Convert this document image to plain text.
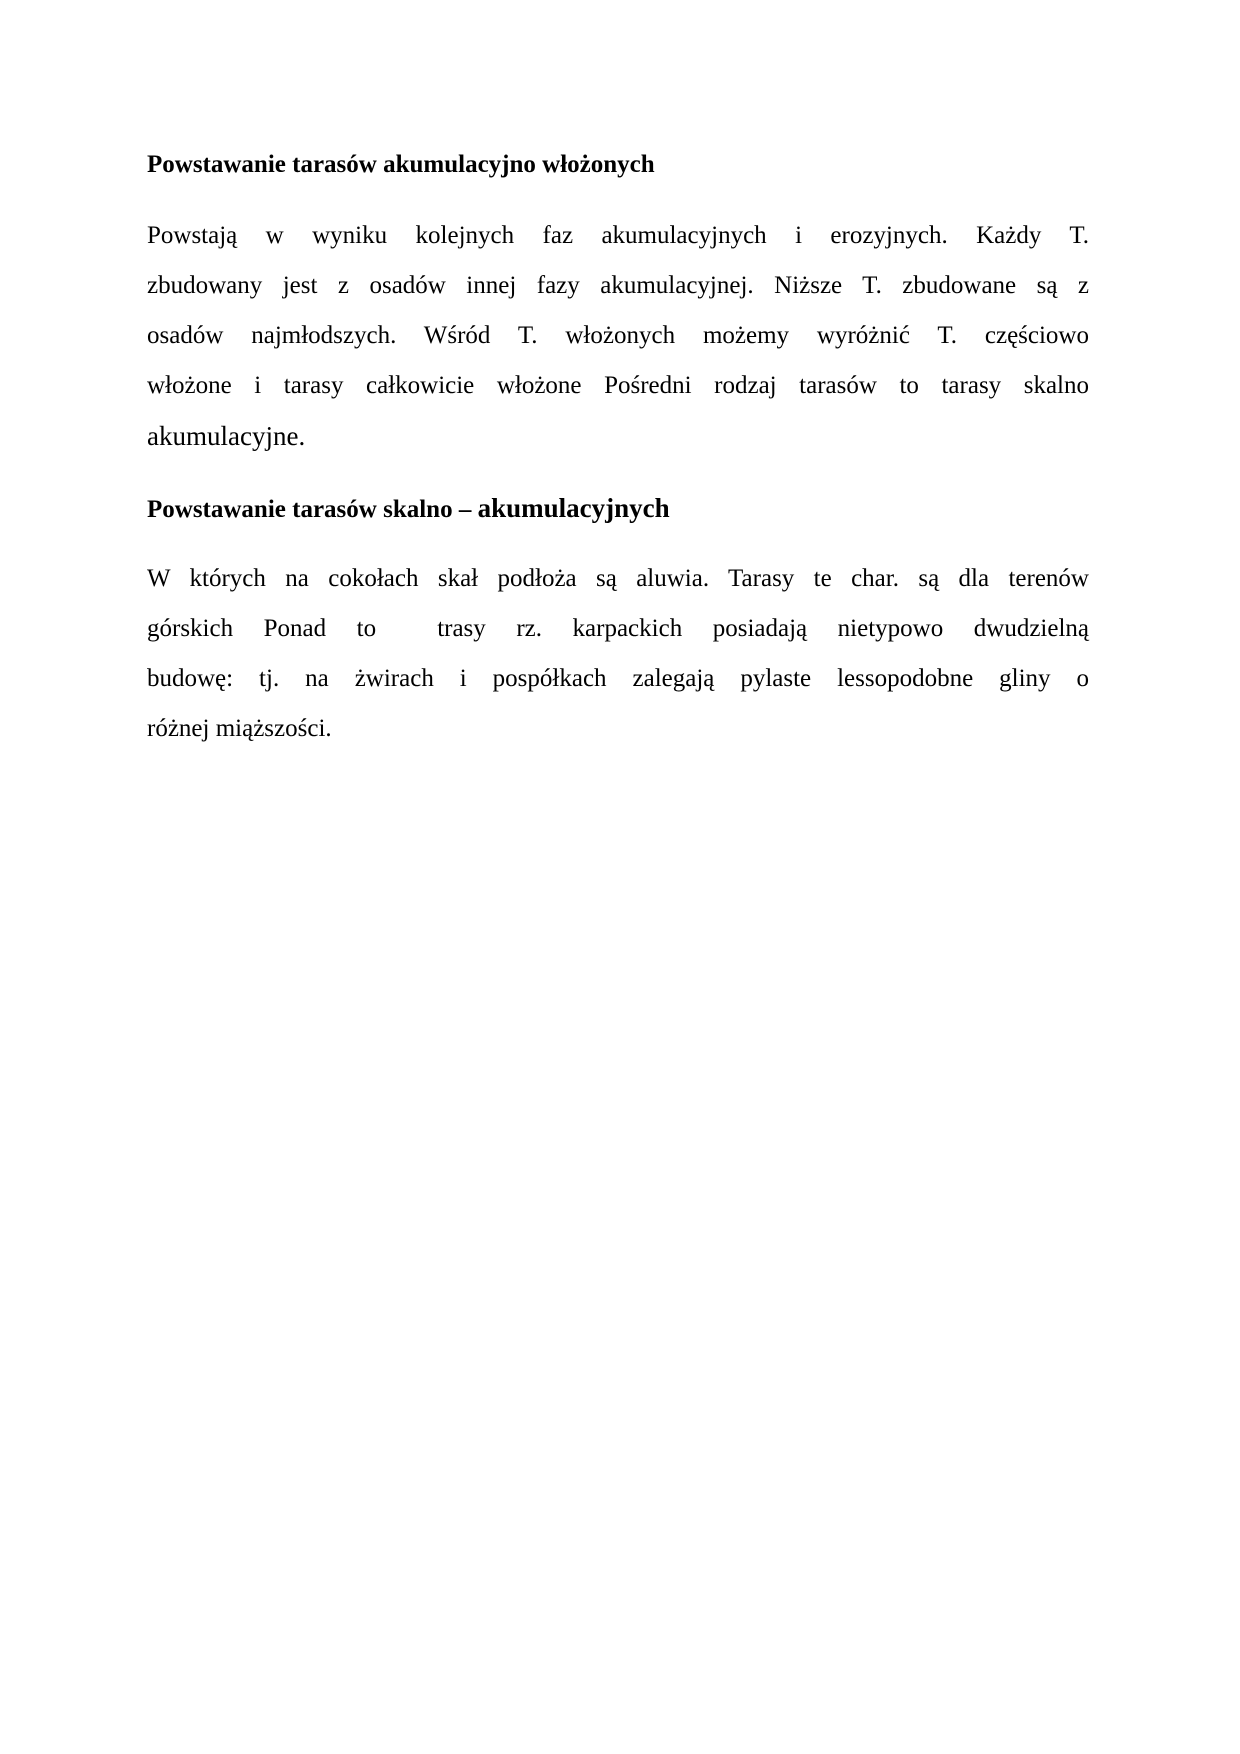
Powstawanie tarasów akumulacyjno włożonych
Powstają w wyniku kolejnych faz akumulacyjnych i erozyjnych. Każdy T.
zbudowany jest z osadów innej fazy akumulacyjnej. Niższe T. zbudowane są z
osadów najmłodszych. Wśród T. włożonych możemy wyróżnić T. częściowo
włożone i tarasy całkowicie włożone Pośredni rodzaj tarasów to tarasy skalno
akumulacyjne.
Powstawanie tarasów skalno – akumulacyjnych
W których na cokołach skał podłoża są aluwia. Tarasy te char. są dla terenów
górskich Ponad to  trasy rz. karpackich posiadają nietypowo dwudzielną
budowę: tj. na żwirach i pospółkach zalegają pylaste lessopodobne gliny o
różnej miąższości.
